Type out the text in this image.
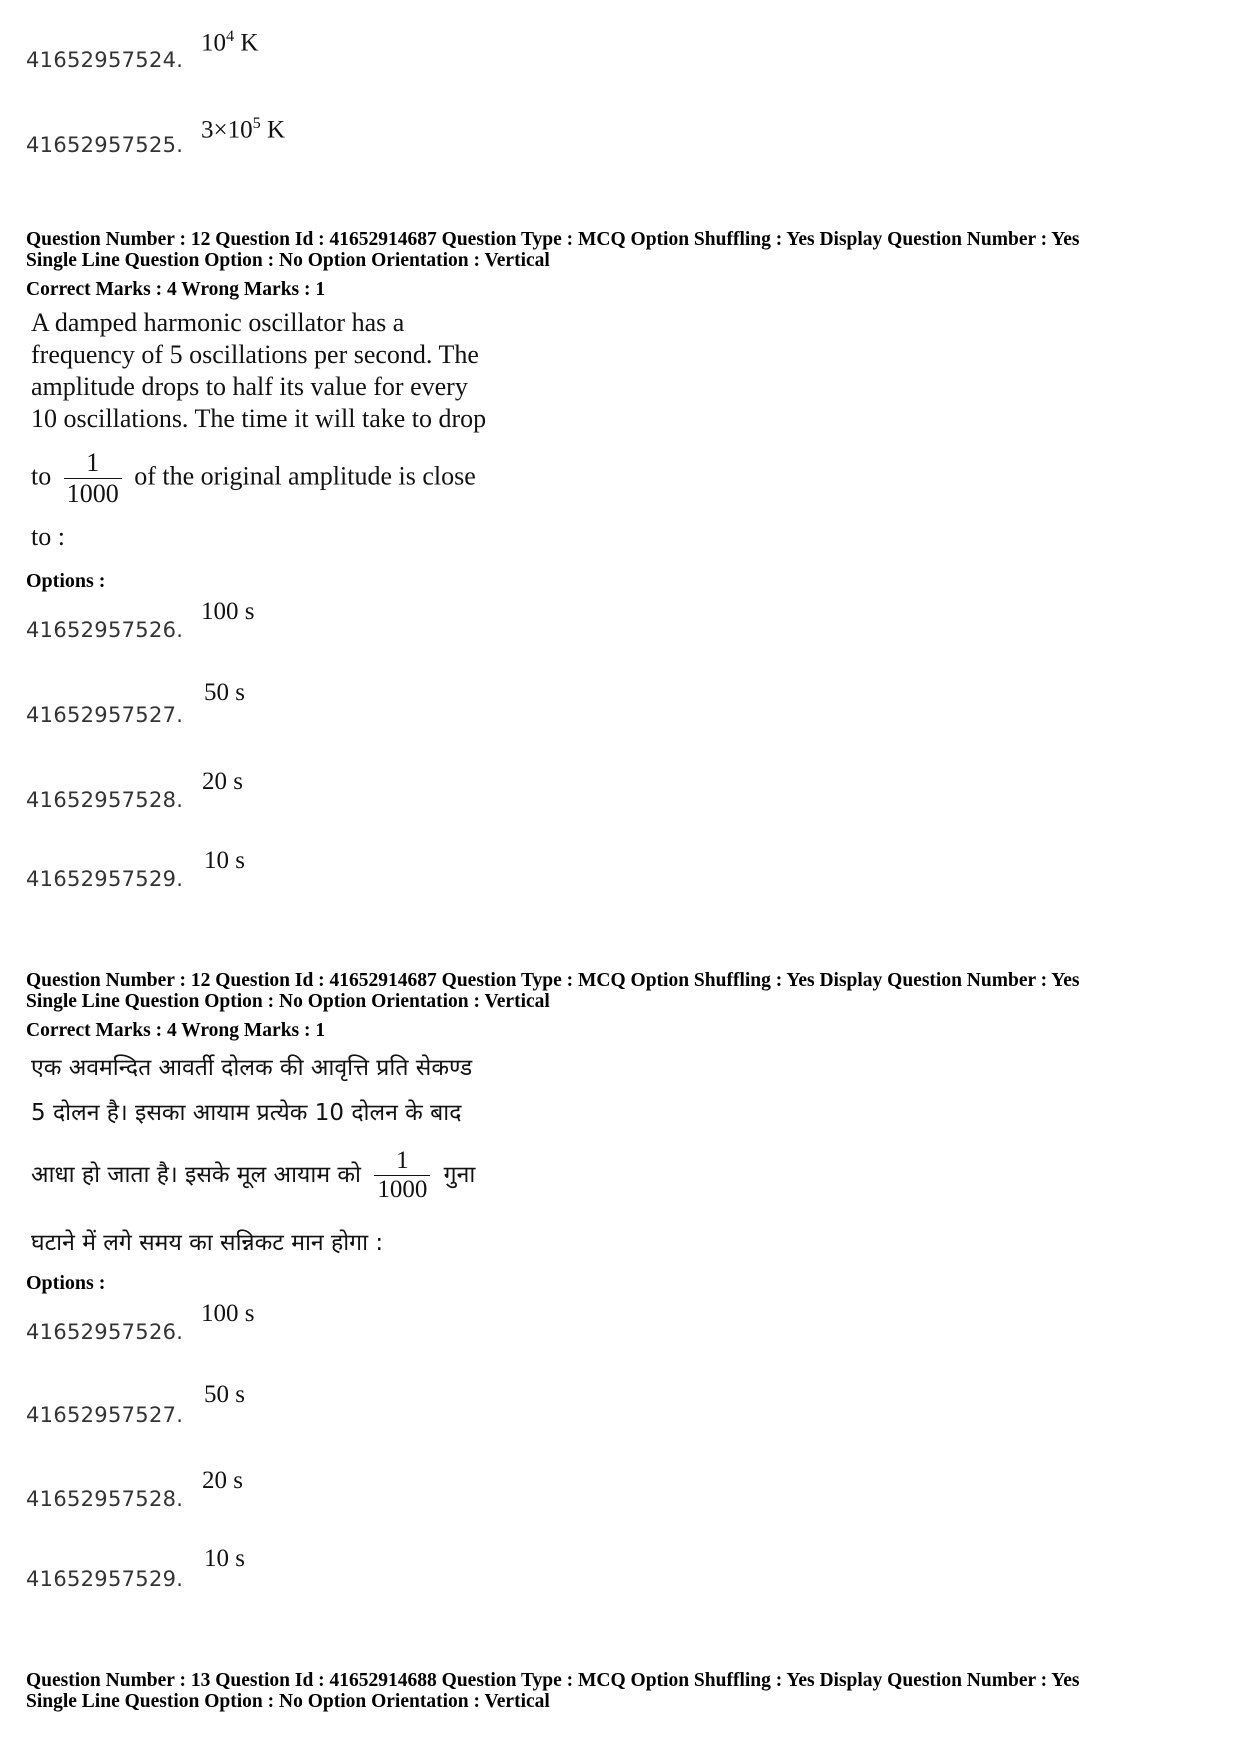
41652957524.
$10^4$ K
41652957525.
$3\times 10^5$ K
Question Number : 12 Question Id : 41652914687 Question Type : MCQ Option Shuffling : Yes Display Question Number : Yes
Single Line Question Option : No Option Orientation : Vertical
Correct Marks : 4 Wrong Marks : 1
A damped harmonic oscillator has a
frequency of 5 oscillations per second. The
amplitude drops to half its value for every
10 oscillations. The time it will take to drop
to $\frac{1}{1000}$ of the original amplitude is close
to :
Options :
41652957526.
100 s
41652957527.
50 s
41652957528.
20 s
41652957529.
10 s
Question Number : 12 Question Id : 41652914687 Question Type : MCQ Option Shuffling : Yes Display Question Number : Yes
Single Line Question Option : No Option Orientation : Vertical
Correct Marks : 4 Wrong Marks : 1
एक अवमन्दित आवर्ती दोलक की आवृत्ति प्रति सेकण्ड
5 दोलन है। इसका आयाम प्रत्येक 10 दोलन के बाद
आधा हो जाता है। इसके मूल आयाम को $\frac{1}{1000}$ गुना
घटाने में लगे समय का सन्निकट मान होगा :
Options :
41652957526.
100 s
41652957527.
50 s
41652957528.
20 s
41652957529.
10 s
Question Number : 13 Question Id : 41652914688 Question Type : MCQ Option Shuffling : Yes Display Question Number : Yes
Single Line Question Option : No Option Orientation : Vertical
